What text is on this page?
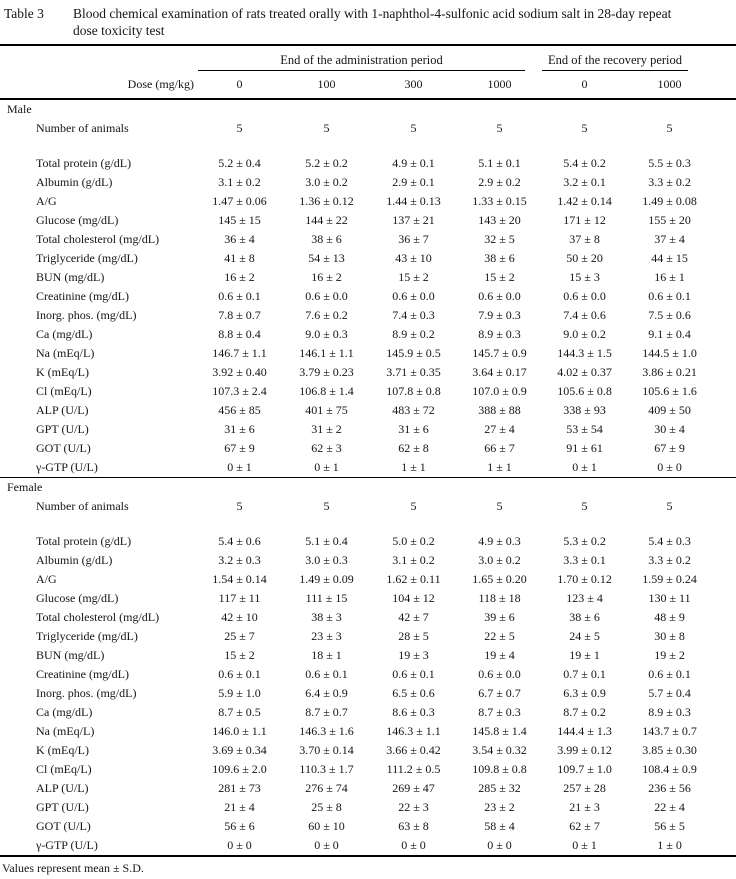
Table 3	Blood chemical examination of rats treated orally with 1-naphthol-4-sulfonic acid sodium salt in 28-day repeat
dose toxicity test

	End of the administration period				End of the recovery period		

Dose (mg/kg)	0	100	300	1000	0	1000	
Male							
Number of animals	5	5	5	5	5	5	

Total protein (g/dL)	5.2 ± 0.4	5.2 ± 0.2	4.9 ± 0.1	5.1 ± 0.1	5.4 ± 0.2	5.5 ± 0.3	
Albumin (g/dL)	3.1 ± 0.2	3.0 ± 0.2	2.9 ± 0.1	2.9 ± 0.2	3.2 ± 0.1	3.3 ± 0.2	
A/G	1.47 ± 0.06	1.36 ± 0.12	1.44 ± 0.13	1.33 ± 0.15	1.42 ± 0.14	1.49 ± 0.08	
Glucose (mg/dL)	145 ± 15	144 ± 22	137 ± 21	143 ± 20	171 ± 12	155 ± 20	
Total cholesterol (mg/dL)	36 ± 4	38 ± 6	36 ± 7	32 ± 5	37 ± 8	37 ± 4	
Triglyceride (mg/dL)	41 ± 8	54 ± 13	43 ± 10	38 ± 6	50 ± 20	44 ± 15	
BUN (mg/dL)	16 ± 2	16 ± 2	15 ± 2	15 ± 2	15 ± 3	16 ± 1	
Creatinine (mg/dL)	0.6 ± 0.1	0.6 ± 0.0	0.6 ± 0.0	0.6 ± 0.0	0.6 ± 0.0	0.6 ± 0.1	
Inorg. phos. (mg/dL)	7.8 ± 0.7	7.6 ± 0.2	7.4 ± 0.3	7.9 ± 0.3	7.4 ± 0.6	7.5 ± 0.6	
Ca (mg/dL)	8.8 ± 0.4	9.0 ± 0.3	8.9 ± 0.2	8.9 ± 0.3	9.0 ± 0.2	9.1 ± 0.4	
Na (mEq/L)	146.7 ± 1.1	146.1 ± 1.1	145.9 ± 0.5	145.7 ± 0.9	144.3 ± 1.5	144.5 ± 1.0	
K (mEq/L)	3.92 ± 0.40	3.79 ± 0.23	3.71 ± 0.35	3.64 ± 0.17	4.02 ± 0.37	3.86 ± 0.21	
Cl (mEq/L)	107.3 ± 2.4	106.8 ± 1.4	107.8 ± 0.8	107.0 ± 0.9	105.6 ± 0.8	105.6 ± 1.6	
ALP (U/L)	456 ± 85	401 ± 75	483 ± 72	388 ± 88	338 ± 93	409 ± 50	
GPT (U/L)	31 ± 6	31 ± 2	31 ± 6	27 ± 4	53 ± 54	30 ± 4	
GOT (U/L)	67 ± 9	62 ± 3	62 ± 8	66 ± 7	91 ± 61	67 ± 9	
γ-GTP (U/L)	0 ± 1	0 ± 1	1 ± 1	1 ± 1	0 ± 1	0 ± 0	

Female							
Number of animals	5	5	5	5	5	5	

Total protein (g/dL)	5.4 ± 0.6	5.1 ± 0.4	5.0 ± 0.2	4.9 ± 0.3	5.3 ± 0.2	5.4 ± 0.3	
Albumin (g/dL)	3.2 ± 0.3	3.0 ± 0.3	3.1 ± 0.2	3.0 ± 0.2	3.3 ± 0.1	3.3 ± 0.2	
A/G	1.54 ± 0.14	1.49 ± 0.09	1.62 ± 0.11	1.65 ± 0.20	1.70 ± 0.12	1.59 ± 0.24	
Glucose (mg/dL)	117 ± 11	111 ± 15	104 ± 12	118 ± 18	123 ± 4	130 ± 11	
Total cholesterol (mg/dL)	42 ± 10	38 ± 3	42 ± 7	39 ± 6	38 ± 6	48 ± 9	
Triglyceride (mg/dL)	25 ± 7	23 ± 3	28 ± 5	22 ± 5	24 ± 5	30 ± 8	
BUN (mg/dL)	15 ± 2	18 ± 1	19 ± 3	19 ± 4	19 ± 1	19 ± 2	
Creatinine (mg/dL)	0.6 ± 0.1	0.6 ± 0.1	0.6 ± 0.1	0.6 ± 0.0	0.7 ± 0.1	0.6 ± 0.1	
Inorg. phos. (mg/dL)	5.9 ± 1.0	6.4 ± 0.9	6.5 ± 0.6	6.7 ± 0.7	6.3 ± 0.9	5.7 ± 0.4	
Ca (mg/dL)	8.7 ± 0.5	8.7 ± 0.7	8.6 ± 0.3	8.7 ± 0.3	8.7 ± 0.2	8.9 ± 0.3	
Na (mEq/L)	146.0 ± 1.1	146.3 ± 1.6	146.3 ± 1.1	145.8 ± 1.4	144.4 ± 1.3	143.7 ± 0.7	
K (mEq/L)	3.69 ± 0.34	3.70 ± 0.14	3.66 ± 0.42	3.54 ± 0.32	3.99 ± 0.12	3.85 ± 0.30	
Cl (mEq/L)	109.6 ± 2.0	110.3 ± 1.7	111.2 ± 0.5	109.8 ± 0.8	109.7 ± 1.0	108.4 ± 0.9	
ALP (U/L)	281 ± 73	276 ± 74	269 ± 47	285 ± 32	257 ± 28	236 ± 56	
GPT (U/L)	21 ± 4	25 ± 8	22 ± 3	23 ± 2	21 ± 3	22 ± 4	
GOT (U/L)	56 ± 6	60 ± 10	63 ± 8	58 ± 4	62 ± 7	56 ± 5	
γ-GTP (U/L)	0 ± 0	0 ± 0	0 ± 0	0 ± 0	0 ± 1	1 ± 0	
Values represent mean ± S.D.
